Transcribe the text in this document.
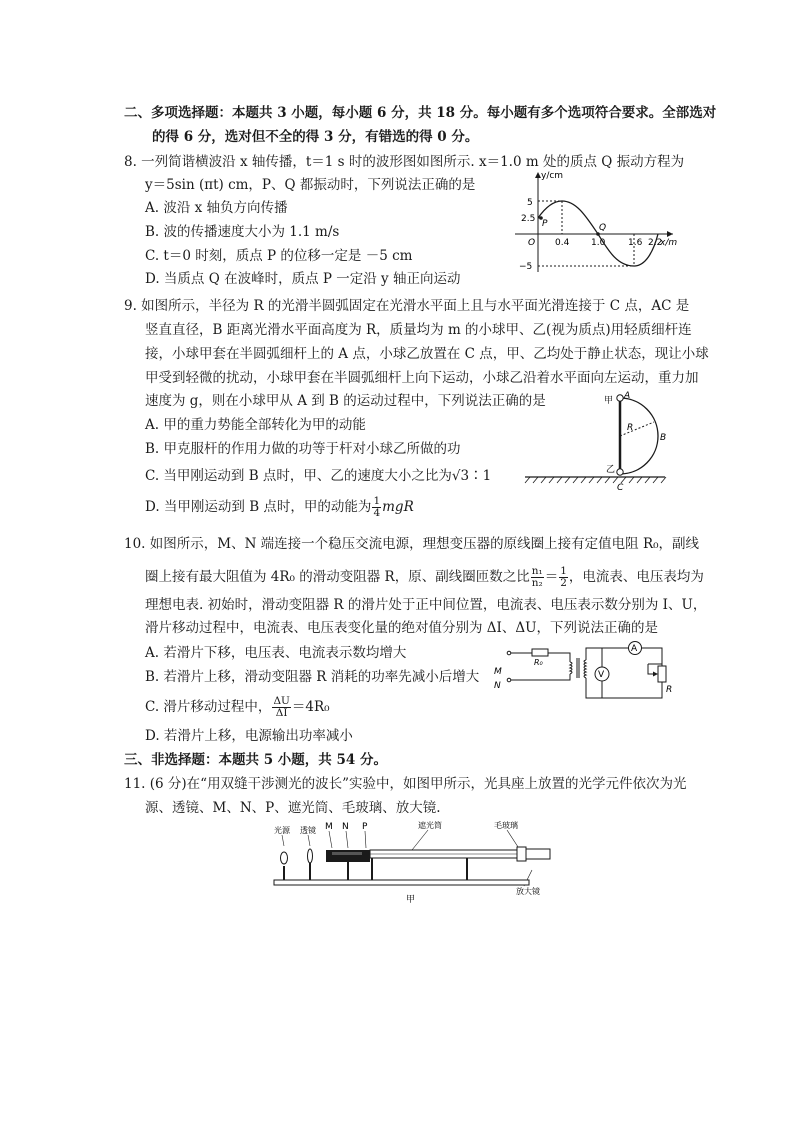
二、多项选择题：本题共 3 小题，每小题 6 分，共 18 分。每小题有多个选项符合要求。全部选对
的得 6 分，选对但不全的得 3 分，有错选的得 0 分。
8. 一列简谐横波沿 x 轴传播，t＝1 s 时的波形图如图所示. x＝1.0 m 处的质点 Q 振动方程为
y＝5sin (πt) cm，P、Q 都振动时，下列说法正确的是
A. 波沿 x 轴负方向传播
B. 波的传播速度大小为 1.1 m/s
C. t＝0 时刻，质点 P 的位移一定是 －5 cm
D. 当质点 Q 在波峰时，质点 P 一定沿 y 轴正向运动
y/cm
5
2.5
−5
O
P	Q
0.4 1.0	1.6 2.2
x/m
9. 如图所示，半径为 R 的光滑半圆弧固定在光滑水平面上且与水平面光滑连接于 C 点，AC 是
竖直直径，B 距离光滑水平面高度为 R，质量均为 m 的小球甲、乙(视为质点)用轻质细杆连
接，小球甲套在半圆弧细杆上的 A 点，小球乙放置在 C 点，甲、乙均处于静止状态，现让小球
甲受到轻微的扰动，小球甲套在半圆弧细杆上向下运动，小球乙沿着水平面向左运动，重力加
速度为 g，则在小球甲从 A 到 B 的运动过程中，下列说法正确的是
A. 甲的重力势能全部转化为甲的动能
B. 甲克服杆的作用力做的功等于杆对小球乙所做的功
C. 当甲刚运动到 B 点时，甲、乙的速度大小之比为√3∶1
D. 当甲刚运动到 B 点时，甲的动能为 $\frac{1}{4}$ mgR
甲 A
B
R
乙
C
10. 如图所示，M、N 端连接一个稳压交流电源，理想变压器的原线圈上接有定值电阻 R₀，副线
圈上接有最大阻值为 4R₀ 的滑动变阻器 R，原、副线圈匝数之比 $\frac{\text{n₁}}{\text{n₂}} = \frac{1}{2}$ ，电流表、电压表均为
理想电表. 初始时，滑动变阻器 R 的滑片处于正中间位置，电流表、电压表示数分别为 I、U，
滑片移动过程中，电流表、电压表变化量的绝对值分别为 ΔI、ΔU，下列说法正确的是
A. 若滑片下移，电压表、电流表示数均增大
B. 若滑片上移，滑动变阻器 R 消耗的功率先减小后增大
C. 滑片移动过程中， $\frac{\Delta U}{\Delta I} =4R_0$
D. 若滑片上移，电源输出功率减小
M
N
R₀
V
A
R
三、非选择题：本题共 5 小题，共 54 分。
11. (6 分)在“用双缝干涉测光的波长”实验中，如图甲所示，光具座上放置的光学元件依次为光
源、透镜、M、N、P、遮光筒、毛玻璃、放大镜.
光源 透镜 M N P	遮光筒	毛玻璃
放大镜
甲
